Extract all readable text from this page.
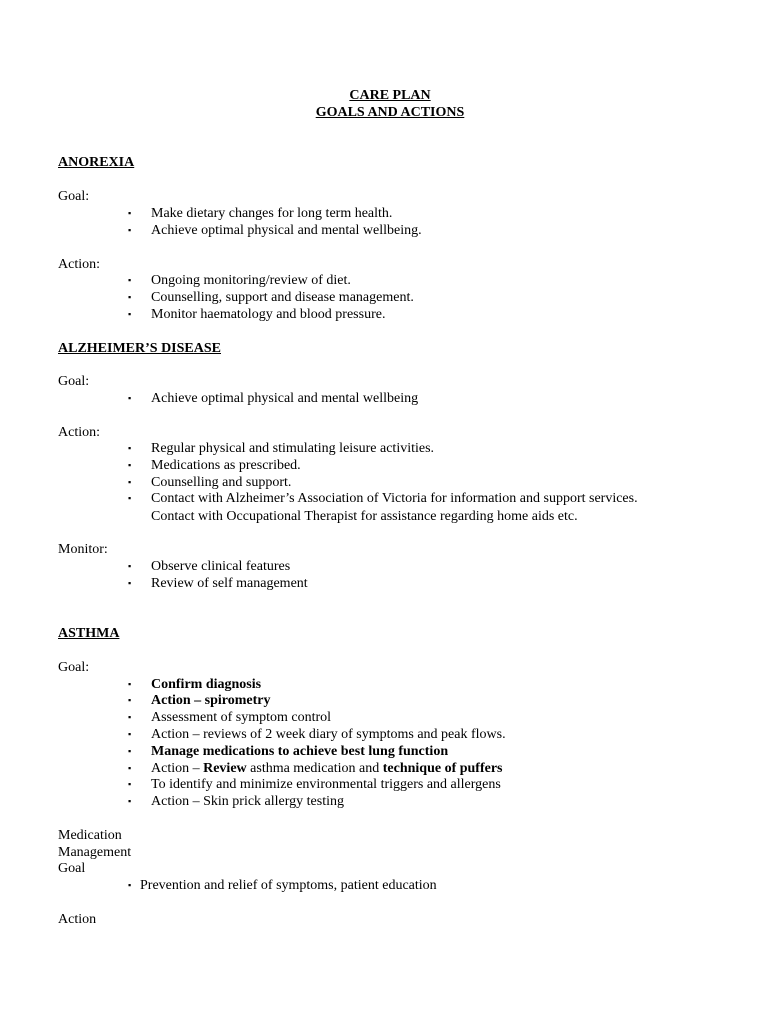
CARE PLAN
GOALS AND ACTIONS
ANOREXIA
Goal:
▪ Make dietary changes for long term health.
▪ Achieve optimal physical and mental wellbeing.
Action:
▪ Ongoing monitoring/review of diet.
▪ Counselling, support and disease management.
▪ Monitor haematology and blood pressure.
ALZHEIMER’S DISEASE
Goal:
▪ Achieve optimal physical and mental wellbeing
Action:
▪ Regular physical and stimulating leisure activities.
▪ Medications as prescribed.
▪ Counselling and support.
▪ Contact with Alzheimer’s Association of Victoria for information and support services.
Contact with Occupational Therapist for assistance regarding home aids etc.
Monitor:
▪ Observe clinical features
▪ Review of self management
ASTHMA
Goal:
▪ Confirm diagnosis
▪ Action – spirometry
▪ Assessment of symptom control
▪ Action – reviews of 2 week diary of symptoms and peak flows.
▪ Manage medications to achieve best lung function
▪ Action – Review asthma medication and technique of puffers
▪ To identify and minimize environmental triggers and allergens
▪ Action – Skin prick allergy testing
Medication
Management
Goal
▪ Prevention and relief of symptoms, patient education
Action
